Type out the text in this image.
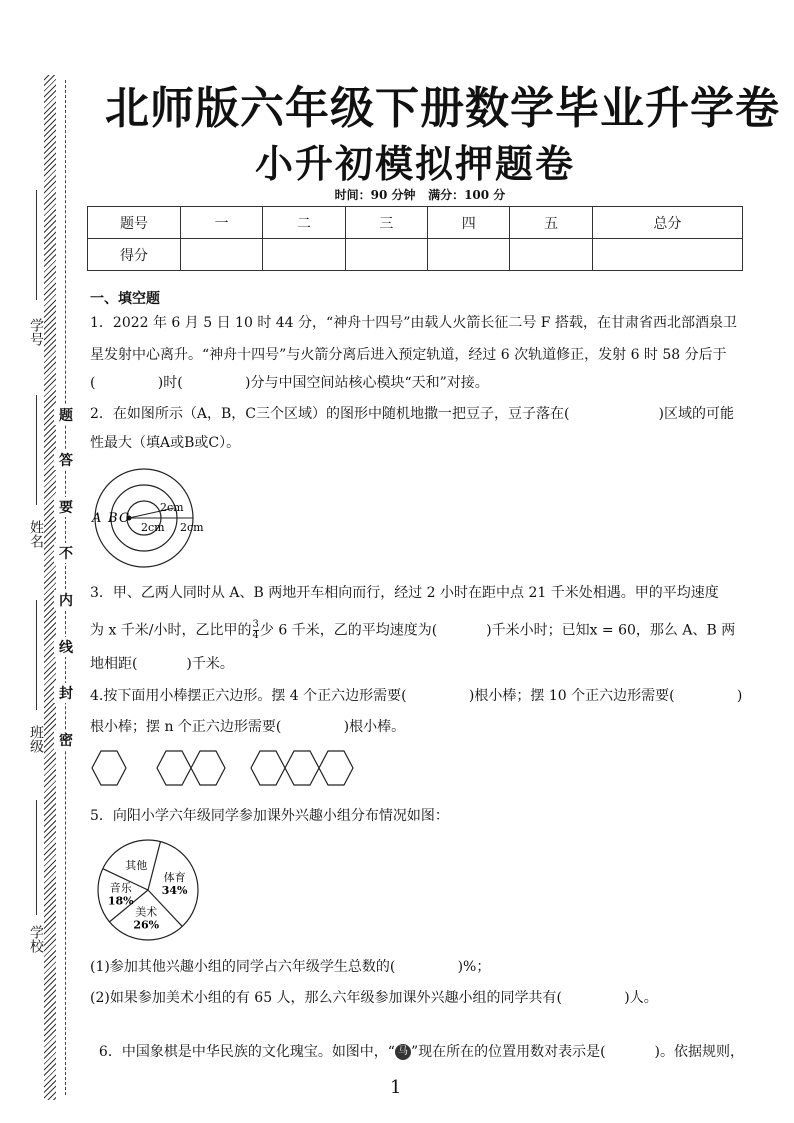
学号
姓名
班级
学校
题
答
要
不
内
线
封
密
北师版六年级下册数学毕业升学卷
小升初模拟押题卷
时间：90 分钟   满分：100 分
题号	一	二	三	四	五	总分
得分						
一、填空题
1．2022 年 6 月 5 日 10 时 44 分，“神舟十四号”由载人火箭长征二号 F 搭载，在甘肃省西北部酒泉卫
星发射中心离升。“神舟十四号”与火箭分离后进入预定轨道，经过 6 次轨道修正，发射 6 时 58 分后于
(              )时(              )分与中国空间站核心模块“天和”对接。
2．在如图所示（A，B，C三个区域）的图形中随机地撒一把豆子，豆子落在(                    )区域的可能
性最大（填A或B或C）。
A B C
2cm
2cm 2cm
3．甲、乙两人同时从 A、B 两地开车相向而行，经过 2 小时在距中点 21 千米处相遇。甲的平均速度
为 x 千米/小时，乙比甲的 $\frac{3}{4}$ 少 6 千米，乙的平均速度为(           )千米小时；已知x = 60，那么 A、B 两
地相距(           )千米。
4.按下面用小棒摆正六边形。摆 4 个正六边形需要(              )根小棒；摆 10 个正六边形需要(              )
根小棒；摆 n 个正六边形需要(              )根小棒。
5．向阳小学六年级同学参加课外兴趣小组分布情况如图：
体育 34%
美术 26%
音乐 18%
其他
(1)参加其他兴趣小组的同学占六年级学生总数的(              )%；
(2)如果参加美术小组的有 65 人，那么六年级参加课外兴趣小组的同学共有(              )人。

6．中国象棋是中华民族的文化瑰宝。如图中，“ 马 ”现在所在的位置用数对表示是(           )。依据规则，

1
